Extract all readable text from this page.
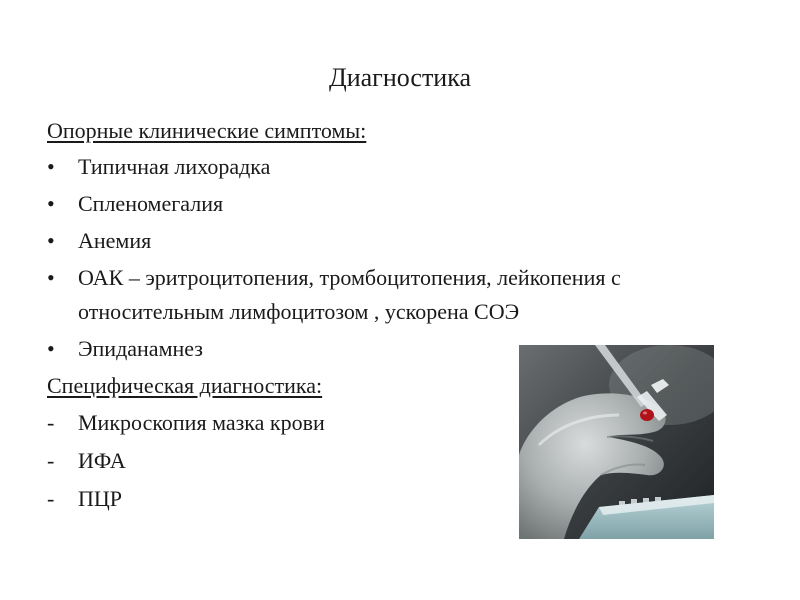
Диагностика
Опорные клинические симптомы:
•	Типичная лихорадка
•	Спленомегалия
•	Анемия
•	ОАК – эритроцитопения, тромбоцитопения, лейкопения с относительным лимфоцитозом , ускорена СОЭ
•	Эпиданамнез
Специфическая диагностика:
-	Микроскопия мазка крови
-	ИФА
-	ПЦР
